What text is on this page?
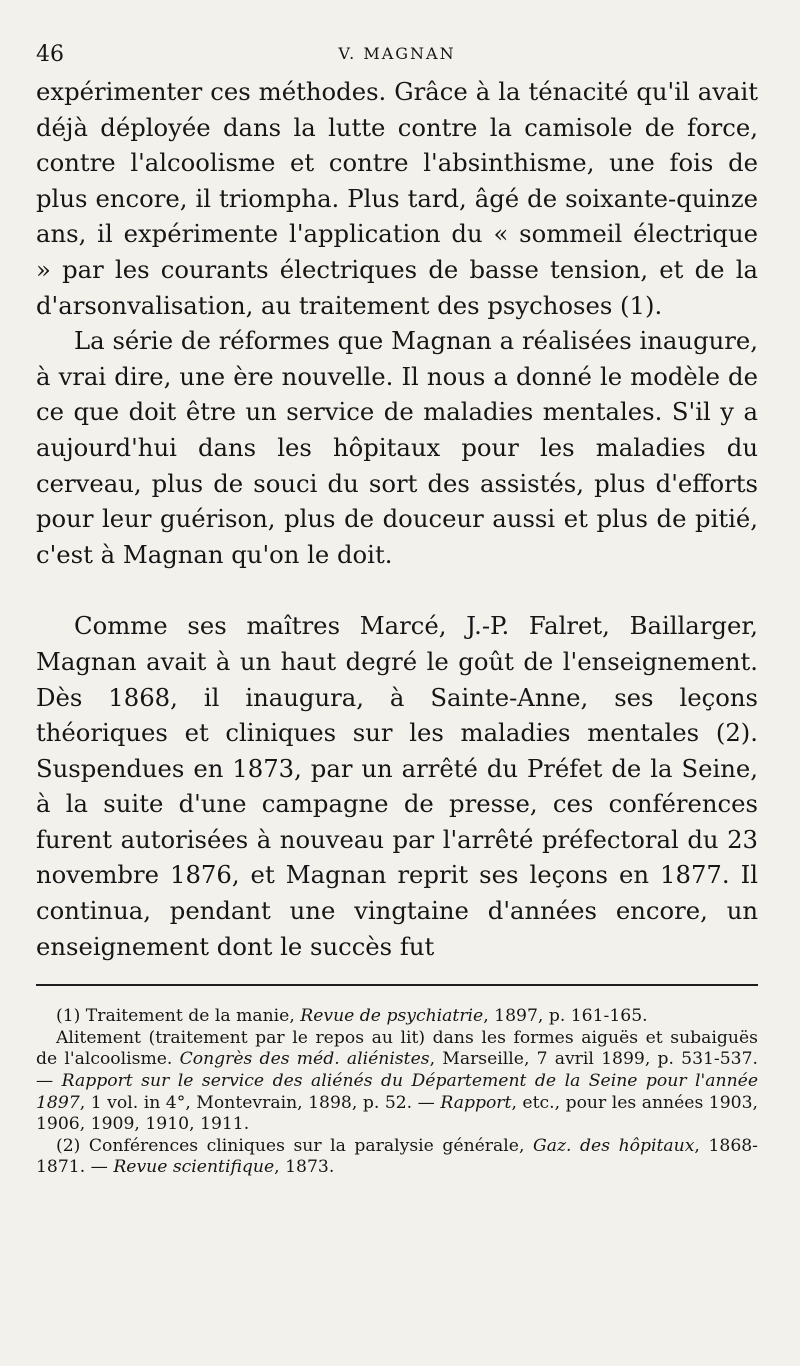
46	V. MAGNAN

expérimenter ces méthodes. Grâce à la ténacité qu'il avait déjà déployée dans la lutte contre la camisole de force, contre l'alcoolisme et contre l'absinthisme, une fois de plus encore, il triompha. Plus tard, âgé de soixante-quinze ans, il expérimente l'application du « sommeil électrique » par les courants électriques de basse tension, et de la d'arsonvalisation, au traitement des psychoses (1).

La série de réformes que Magnan a réalisées inaugure, à vrai dire, une ère nouvelle. Il nous a donné le modèle de ce que doit être un service de maladies mentales. S'il y a aujourd'hui dans les hôpitaux pour les maladies du cerveau, plus de souci du sort des assistés, plus d'efforts pour leur guérison, plus de douceur aussi et plus de pitié, c'est à Magnan qu'on le doit.

Comme ses maîtres Marcé, J.-P. Falret, Baillarger, Magnan avait à un haut degré le goût de l'enseignement. Dès 1868, il inaugura, à Sainte-Anne, ses leçons théoriques et cliniques sur les maladies mentales (2). Suspendues en 1873, par un arrêté du Préfet de la Seine, à la suite d'une campagne de presse, ces conférences furent autorisées à nouveau par l'arrêté préfectoral du 23 novembre 1876, et Magnan reprit ses leçons en 1877. Il continua, pendant une vingtaine d'années encore, un enseignement dont le succès fut

(1) Traitement de la manie, Revue de psychiatrie, 1897, p. 161-165.

Alitement (traitement par le repos au lit) dans les formes aiguës et subaiguës de l'alcoolisme. Congrès des méd. aliénistes, Marseille, 7 avril 1899, p. 531-537. — Rapport sur le service des aliénés du Département de la Seine pour l'année 1897, 1 vol. in 4°, Montevrain, 1898, p. 52. — Rapport, etc., pour les années 1903, 1906, 1909, 1910, 1911.

(2) Conférences cliniques sur la paralysie générale, Gaz. des hôpitaux, 1868-1871. — Revue scientifique, 1873.
